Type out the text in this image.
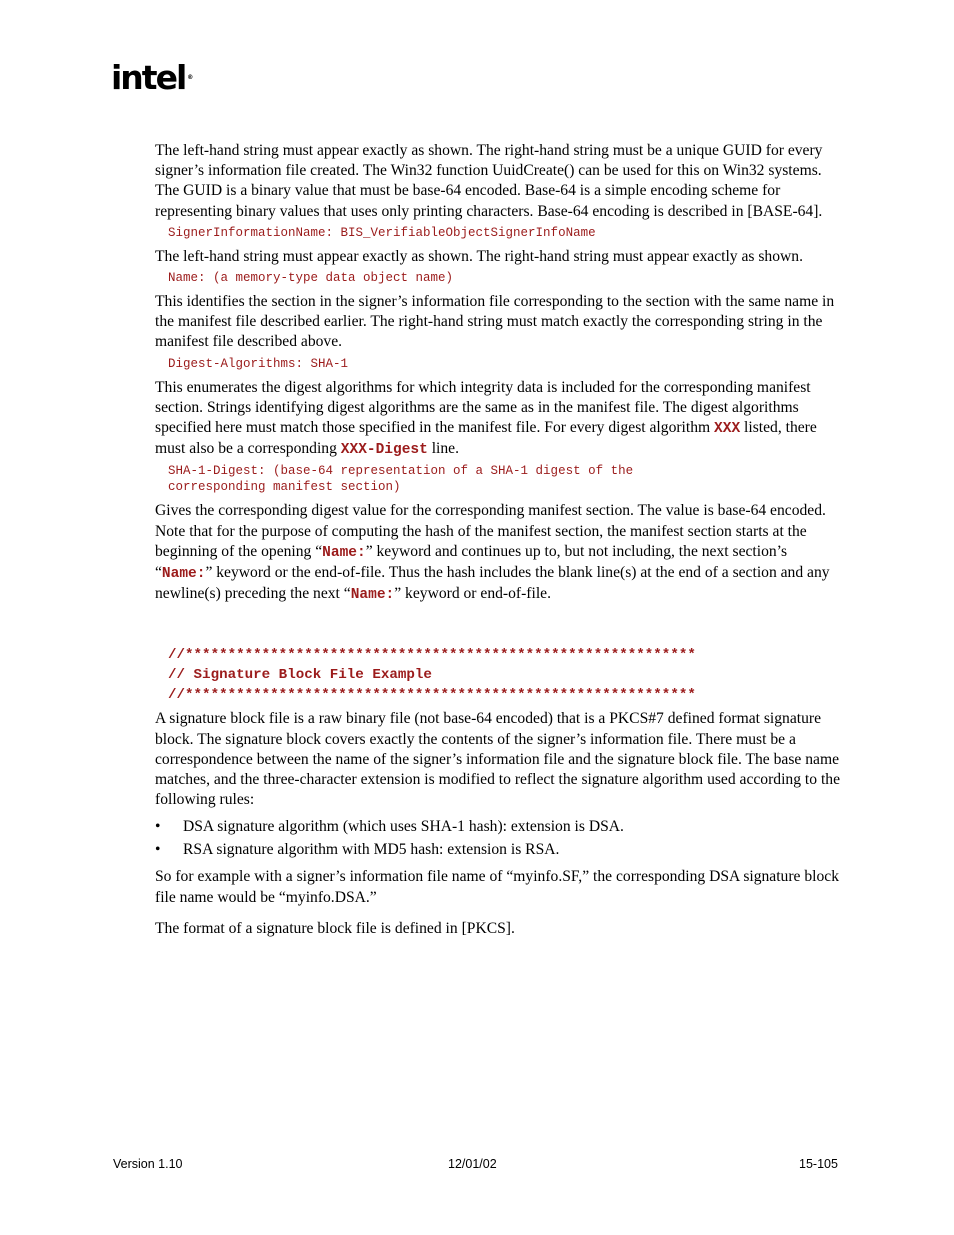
intel ®

The left-hand string must appear exactly as shown. The right-hand string must be a unique GUID for every signer’s information file created. The Win32 function UuidCreate() can be used for this on Win32 systems. The GUID is a binary value that must be base-64 encoded. Base-64 is a simple encoding scheme for representing binary values that uses only printing characters. Base-64 encoding is described in [BASE-64].

SignerInformationName: BIS_VerifiableObjectSignerInfoName

The left-hand string must appear exactly as shown. The right-hand string must appear exactly as shown.

Name: (a memory-type data object name)

This identifies the section in the signer’s information file corresponding to the section with the same name in the manifest file described earlier. The right-hand string must match exactly the corresponding string in the manifest file described above.

Digest-Algorithms: SHA-1

This enumerates the digest algorithms for which integrity data is included for the corresponding manifest section. Strings identifying digest algorithms are the same as in the manifest file. The digest algorithms specified here must match those specified in the manifest file. For every digest algorithm XXX listed, there must also be a corresponding XXX-Digest line.

SHA-1-Digest: (base-64 representation of a SHA-1 digest of the
corresponding manifest section)

Gives the corresponding digest value for the corresponding manifest section. The value is base-64 encoded. Note that for the purpose of computing the hash of the manifest section, the manifest section starts at the beginning of the opening “Name:” keyword and continues up to, but not including, the next section’s “Name:” keyword or the end-of-file. Thus the hash includes the blank line(s) at the end of a section and any newline(s) preceding the next “Name:” keyword or end-of-file.

//************************************************************
// Signature Block File Example
//************************************************************

A signature block file is a raw binary file (not base-64 encoded) that is a PKCS#7 defined format signature block. The signature block covers exactly the contents of the signer’s information file. There must be a correspondence between the name of the signer’s information file and the signature block file. The base name matches, and the three-character extension is modified to reflect the signature algorithm used according to the following rules:

• DSA signature algorithm (which uses SHA-1 hash): extension is DSA.
• RSA signature algorithm with MD5 hash: extension is RSA.

So for example with a signer’s information file name of “myinfo.SF,” the corresponding DSA signature block file name would be “myinfo.DSA.”

The format of a signature block file is defined in [PKCS].

Version 1.10	12/01/02	15-105
